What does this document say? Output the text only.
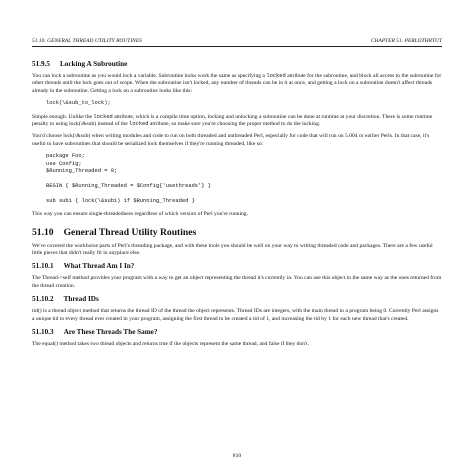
51.10. GENERAL THREAD UTILITY ROUTINES	CHAPTER 51. PERLOTHRTUT
51.9.5 Locking A Subroutine

You can lock a subroutine as you would lock a variable. Subroutine locks work the same as specifying a locked attribute for the subroutine, and block all access to the subroutine for other threads until the lock goes out of scope. When the subroutine isn't locked, any number of threads can be in it at once, and getting a lock on a subroutine doesn't affect threads already in the subroutine. Getting a lock on a subroutine looks like this:

lock(\&sub_to_lock);

Simple enough. Unlike the locked attribute, which is a compile time option, locking and unlocking a subroutine can be done at runtime at your discretion. There is some runtime penalty to using lock(\&sub) instead of the locked attribute, so make sure you're choosing the proper method to do the locking.

You'd choose lock(\&sub) when writing modules and code to run on both threaded and unthreaded Perl, especially for code that will run on 5.004 or earlier Perls. In that case, it's useful to have subroutines that should be serialized lock themselves if they're running threaded, like so:

package Foo;
use Config;
$Running_Threaded = 0;

BEGIN { $Running_Threaded = $Config{'usethreads'} }

sub sub1 { lock(\&sub1) if $Running_Threaded }

This way you can ensure single-threadedness regardless of which version of Perl you're running.

51.10 General Thread Utility Routines

We've covered the workhorse parts of Perl's threading package, and with these tools you should be well on your way to writing threaded code and packages. There are a few useful little pieces that didn't really fit in anyplace else.

51.10.1 What Thread Am I In?

The Thread->self method provides your program with a way to get an object representing the thread it's currently in. You can use this object in the same way as the ones returned from the thread creation.

51.10.2 Thread IDs

tid() is a thread object method that returns the thread ID of the thread the object represents. Thread IDs are integers, with the main thread in a program being 0. Currently Perl assigns a unique tid to every thread ever created in your program, assigning the first thread to be created a tid of 1, and increasing the tid by 1 for each new thread that's created.

51.10.3 Are These Threads The Same?

The equal() method takes two thread objects and returns true if the objects represent the same thread, and false if they don't.

810
